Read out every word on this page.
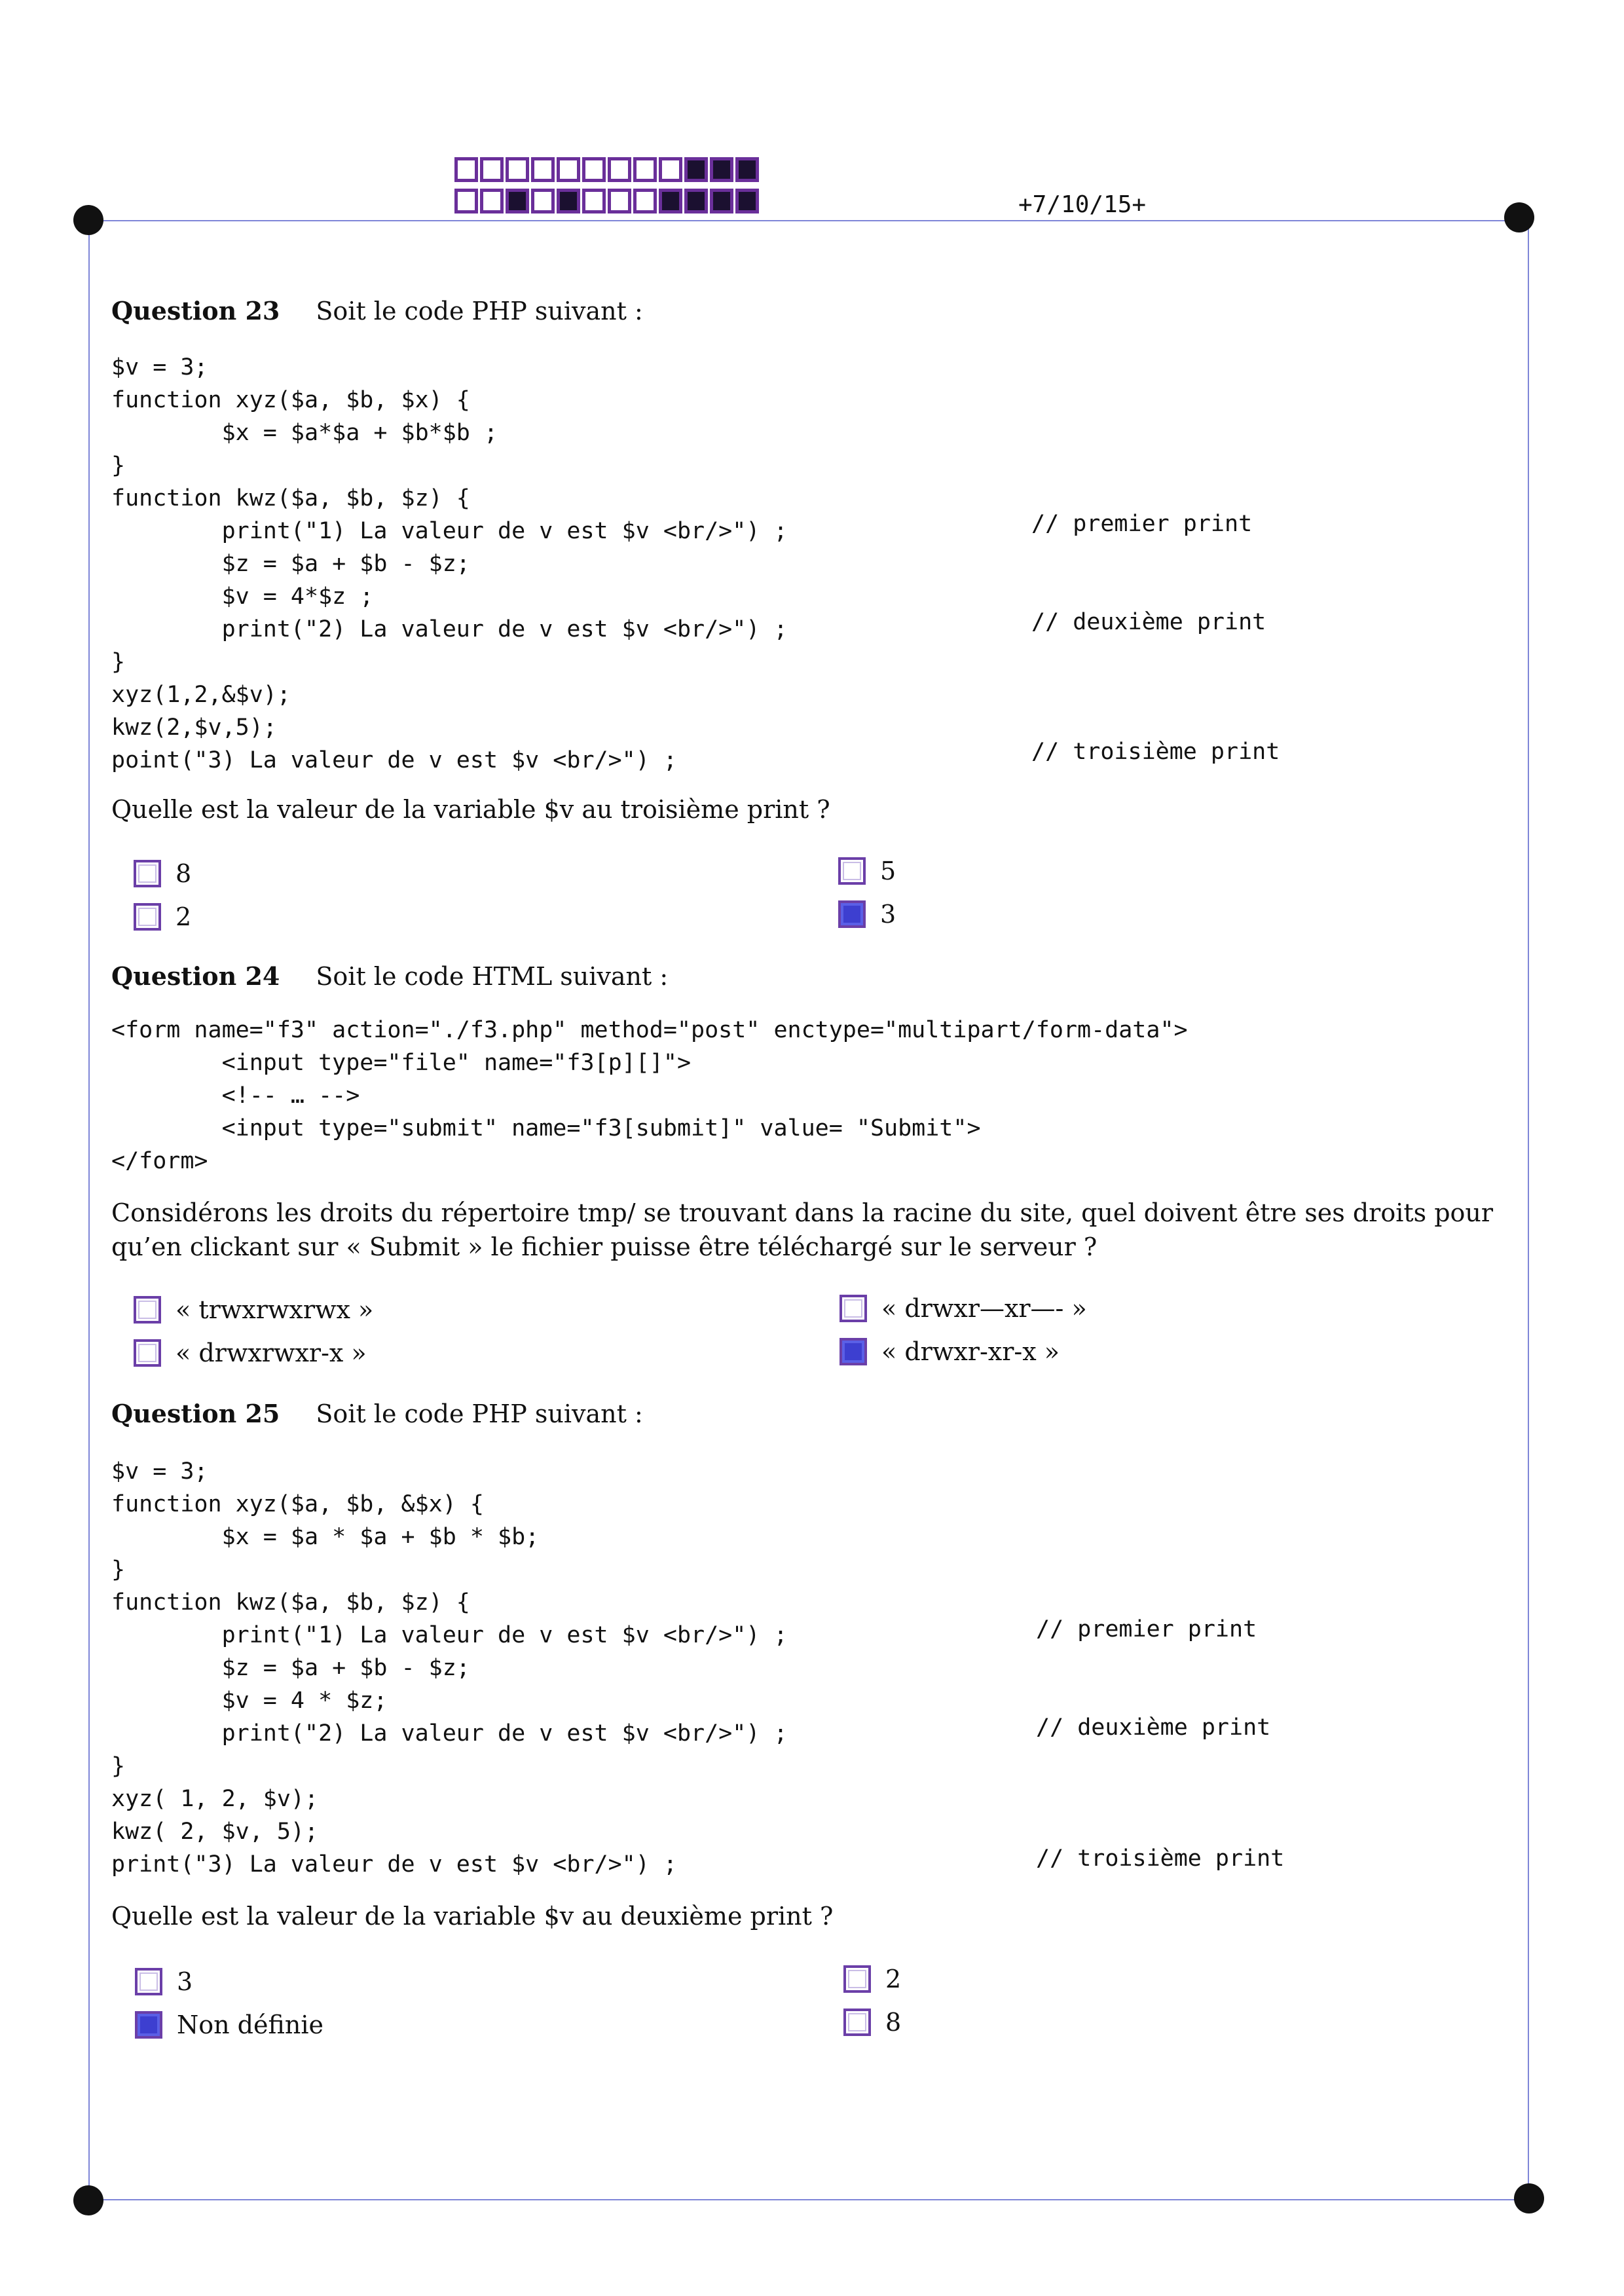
+7/10/15+
Question 23 Soit le code PHP suivant :
$v = 3;
function xyz($a, $b, $x) {
$x = $a*$a + $b*$b ;
}
function kwz($a, $b, $z) {
print("1) La valeur de v est $v <br/>") ;
$z = $a + $b - $z;
$v = 4*$z ;
print("2) La valeur de v est $v <br/>") ;
}
xyz(1,2,&$v);
kwz(2,$v,5);
point("3) La valeur de v est $v <br/>") ;
// premier print
// deuxième print
// troisième print
Quelle est la valeur de la variable $v au troisième print ?
8	5
2	3
Question 24 Soit le code HTML suivant :
<form name="f3" action="./f3.php" method="post" enctype="multipart/form-data">
<input type="file" name="f3[p][]">
<!-- … -->
<input type="submit" name="f3[submit]" value= "Submit">
</form>
Considérons les droits du répertoire tmp/ se trouvant dans la racine du site, quel doivent être ses droits pour qu’en clickant sur « Submit » le fichier puisse être téléchargé sur le serveur ?
« trwxrwxrwx »	« drwxr—xr—- »
« drwxrwxr-x »	« drwxr-xr-x »
Question 25 Soit le code PHP suivant :
$v = 3;
function xyz($a, $b, &$x) {
$x = $a * $a + $b * $b;
}
function kwz($a, $b, $z) {
print("1) La valeur de v est $v <br/>") ;
$z = $a + $b - $z;
$v = 4 * $z;
print("2) La valeur de v est $v <br/>") ;
}
xyz( 1, 2, $v);
kwz( 2, $v, 5);
print("3) La valeur de v est $v <br/>") ;
// premier print
// deuxième print
// troisième print
Quelle est la valeur de la variable $v au deuxième print ?
3	2
Non définie	8
